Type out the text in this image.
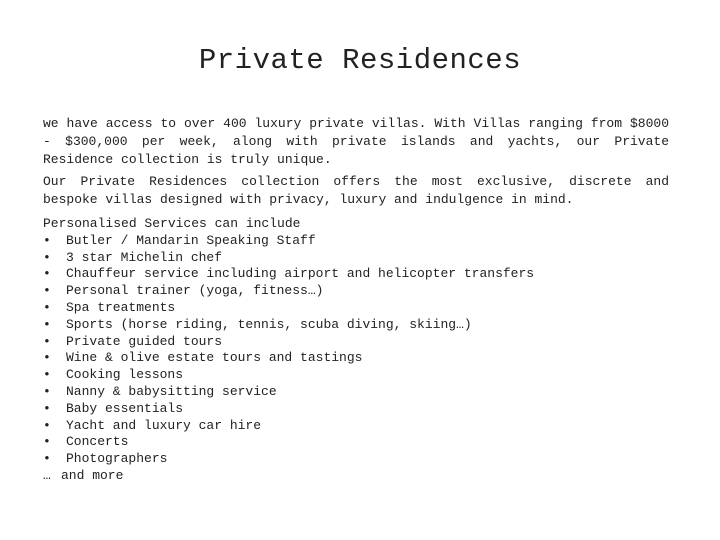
Private Residences

we have access to over 400 luxury private villas. With Villas ranging from $8000 - $300,000 per week, along with private islands and yachts, our Private Residence collection is truly unique.

Our Private Residences collection offers the most exclusive, discrete and bespoke villas designed with privacy, luxury and indulgence in mind.

Personalised Services can include
•	Butler / Mandarin Speaking Staff
•	3 star Michelin chef
•	Chauffeur service including airport and helicopter transfers
•	Personal trainer (yoga, fitness…)
•	Spa treatments
•	Sports (horse riding, tennis, scuba diving, skiing…)
•	Private guided tours
•	Wine & olive estate tours and tastings
•	Cooking lessons
•	Nanny & babysitting service
•	Baby essentials
•	Yacht and luxury car hire
•	Concerts
•	Photographers
… and more
